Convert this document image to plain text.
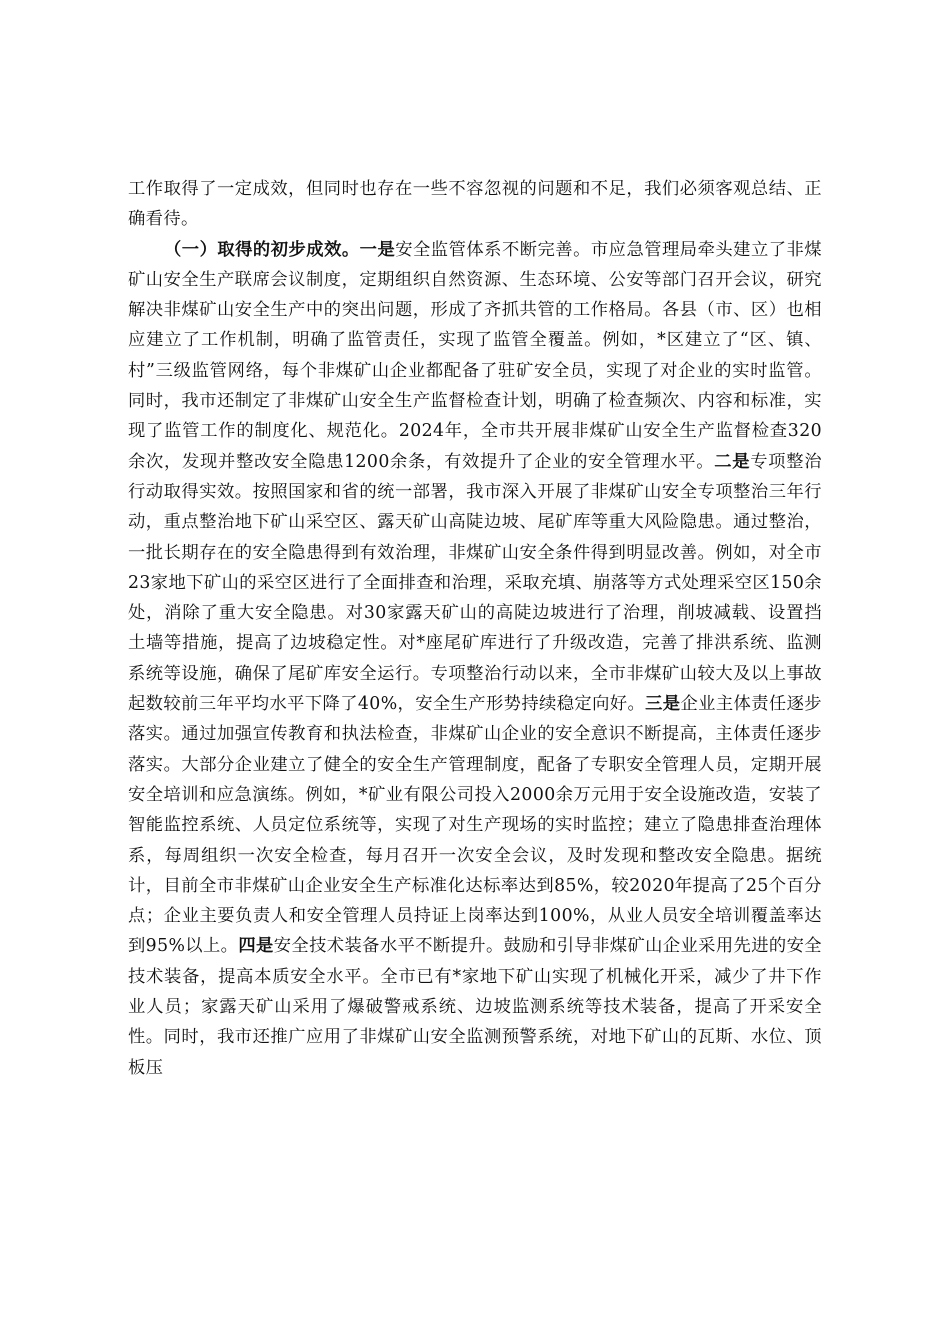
工作取得了一定成效，但同时也存在一些不容忽视的问题和不足，我们必须客观总结、正确看待。

（一）取得的初步成效。一是安全监管体系不断完善。市应急管理局牵头建立了非煤矿山安全生产联席会议制度，定期组织自然资源、生态环境、公安等部门召开会议，研究解决非煤矿山安全生产中的突出问题，形成了齐抓共管的工作格局。各县（市、区）也相应建立了工作机制，明确了监管责任，实现了监管全覆盖。例如，*区建立了“区、镇、村”三级监管网络，每个非煤矿山企业都配备了驻矿安全员，实现了对企业的实时监管。同时，我市还制定了非煤矿山安全生产监督检查计划，明确了检查频次、内容和标准，实现了监管工作的制度化、规范化。2024年，全市共开展非煤矿山安全生产监督检查320余次，发现并整改安全隐患1200余条，有效提升了企业的安全管理水平。二是专项整治行动取得实效。按照国家和省的统一部署，我市深入开展了非煤矿山安全专项整治三年行动，重点整治地下矿山采空区、露天矿山高陡边坡、尾矿库等重大风险隐患。通过整治，一批长期存在的安全隐患得到有效治理，非煤矿山安全条件得到明显改善。例如，对全市23家地下矿山的采空区进行了全面排查和治理，采取充填、崩落等方式处理采空区150余处，消除了重大安全隐患。对30家露天矿山的高陡边坡进行了治理，削坡减载、设置挡土墙等措施，提高了边坡稳定性。对*座尾矿库进行了升级改造，完善了排洪系统、监测系统等设施，确保了尾矿库安全运行。专项整治行动以来，全市非煤矿山较大及以上事故起数较前三年平均水平下降了40%，安全生产形势持续稳定向好。三是企业主体责任逐步落实。通过加强宣传教育和执法检查，非煤矿山企业的安全意识不断提高，主体责任逐步落实。大部分企业建立了健全的安全生产管理制度，配备了专职安全管理人员，定期开展安全培训和应急演练。例如，*矿业有限公司投入2000余万元用于安全设施改造，安装了智能监控系统、人员定位系统等，实现了对生产现场的实时监控；建立了隐患排查治理体系，每周组织一次安全检查，每月召开一次安全会议，及时发现和整改安全隐患。据统计，目前全市非煤矿山企业安全生产标准化达标率达到85%，较2020年提高了25个百分点；企业主要负责人和安全管理人员持证上岗率达到100%，从业人员安全培训覆盖率达到95%以上。四是安全技术装备水平不断提升。鼓励和引导非煤矿山企业采用先进的安全技术装备，提高本质安全水平。全市已有*家地下矿山实现了机械化开采，减少了井下作业人员；家露天矿山采用了爆破警戒系统、边坡监测系统等技术装备，提高了开采安全性。同时，我市还推广应用了非煤矿山安全监测预警系统，对地下矿山的瓦斯、水位、顶板压
